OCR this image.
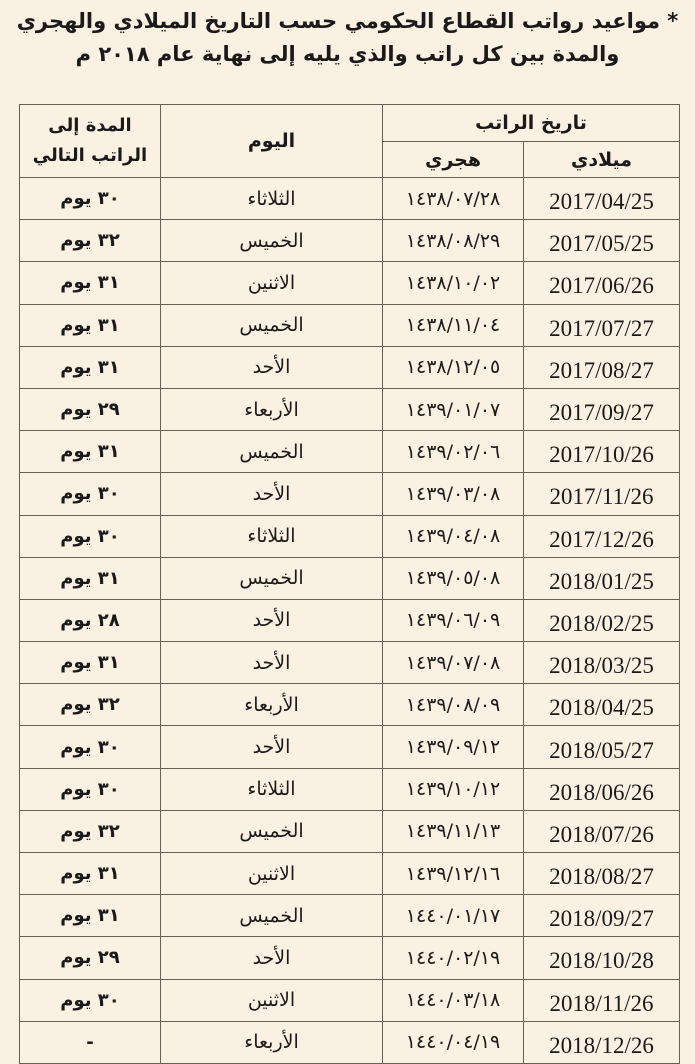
* مواعيد رواتب القطاع الحكومي حسب التاريخ الميلادي والهجري
والمدة بين كل راتب والذي يليه إلى نهاية عام ٢٠١٨ م
تاريخ الراتب		اليوم	المدة إلى
الراتب التالي

ميلادي	هجري		
2017/04/25	١٤٣٨/٠٧/٢٨	الثلاثاء	٣٠ يوم
2017/05/25	١٤٣٨/٠٨/٢٩	الخميس	٣٢ يوم
2017/06/26	١٤٣٨/١٠/٠٢	الاثنين	٣١ يوم
2017/07/27	١٤٣٨/١١/٠٤	الخميس	٣١ يوم
2017/08/27	١٤٣٨/١٢/٠٥	الأحد	٣١ يوم
2017/09/27	١٤٣٩/٠١/٠٧	الأربعاء	٢٩ يوم
2017/10/26	١٤٣٩/٠٢/٠٦	الخميس	٣١ يوم
2017/11/26	١٤٣٩/٠٣/٠٨	الأحد	٣٠ يوم
2017/12/26	١٤٣٩/٠٤/٠٨	الثلاثاء	٣٠ يوم
2018/01/25	١٤٣٩/٠٥/٠٨	الخميس	٣١ يوم
2018/02/25	١٤٣٩/٠٦/٠٩	الأحد	٢٨ يوم
2018/03/25	١٤٣٩/٠٧/٠٨	الأحد	٣١ يوم
2018/04/25	١٤٣٩/٠٨/٠٩	الأربعاء	٣٢ يوم
2018/05/27	١٤٣٩/٠٩/١٢	الأحد	٣٠ يوم
2018/06/26	١٤٣٩/١٠/١٢	الثلاثاء	٣٠ يوم
2018/07/26	١٤٣٩/١١/١٣	الخميس	٣٢ يوم
2018/08/27	١٤٣٩/١٢/١٦	الاثنين	٣١ يوم
2018/09/27	١٤٤٠/٠١/١٧	الخميس	٣١ يوم
2018/10/28	١٤٤٠/٠٢/١٩	الأحد	٢٩ يوم
2018/11/26	١٤٤٠/٠٣/١٨	الاثنين	٣٠ يوم
2018/12/26	١٤٤٠/٠٤/١٩	الأربعاء	-
